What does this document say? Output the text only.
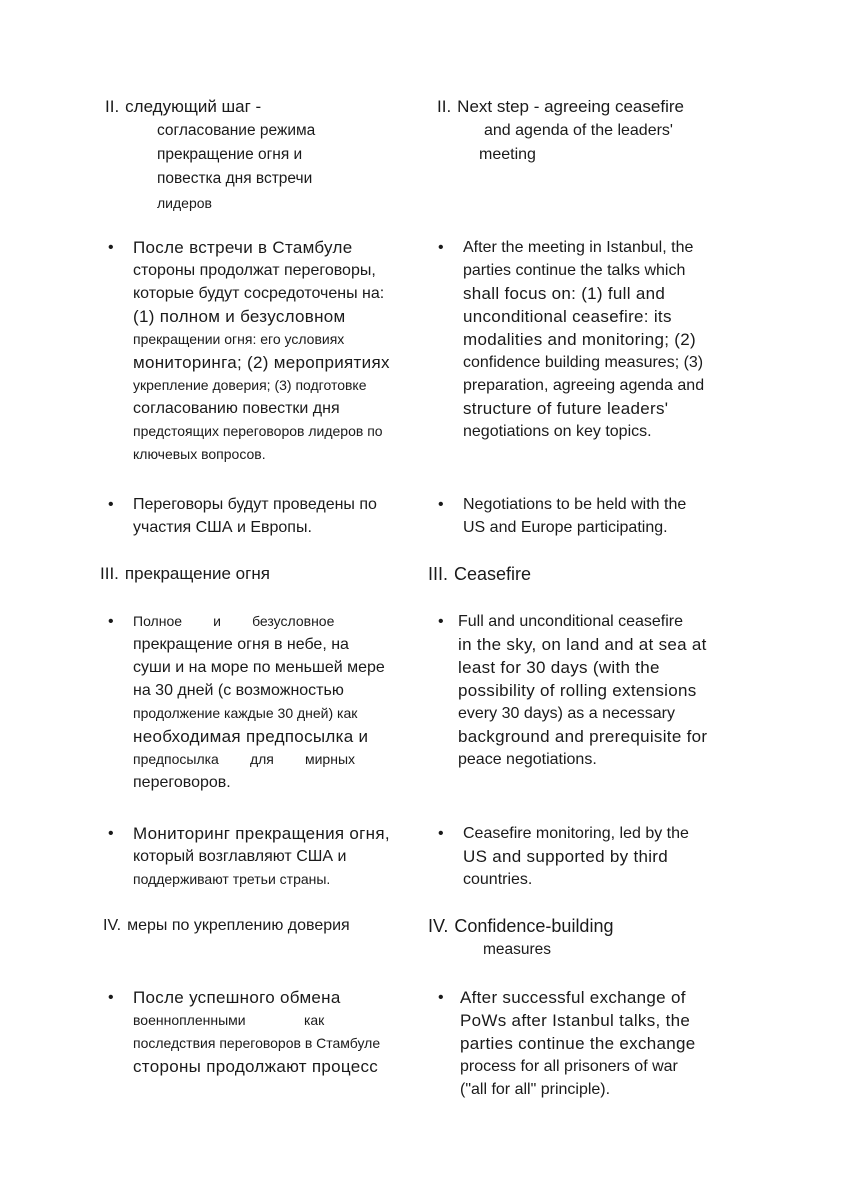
II. следующий шаг -
согласование режима
прекращение огня и
повестка дня встречи
лидеров
II. Next step - agreeing ceasefire
and agenda of the leaders'
meeting
•	После встречи в Стамбуле
стороны продолжат переговоры,
которые будут сосредоточены на:
(1) полном и безусловном
прекращении огня: его условиях
мониторинга; (2) мероприятиях
укрепление доверия; (3) подготовке
согласованию повестки дня
предстоящих переговоров лидеров по
ключевых вопросов.
•	After the meeting in Istanbul, the
parties continue the talks which
shall focus on: (1) full and
unconditional ceasefire: its
modalities and monitoring; (2)
confidence building measures; (3)
preparation, agreeing agenda and
structure of future leaders'
negotiations on key topics.
•	Переговоры будут проведены по
участия США и Европы.
•	Negotiations to be held with the
US and Europe participating.
III. прекращение огня	III. Ceasefire
•	Полное        и        безусловное
прекращение огня в небе, на
суши и на море по меньшей мере
на 30 дней (с возможностью
продолжение каждые 30 дней) как
необходимая предпосылка и
предпосылка        для        мирных
переговоров.
• Full and unconditional ceasefire
in the sky, on land and at sea at
least for 30 days (with the
possibility of rolling extensions
every 30 days) as a necessary
background and prerequisite for
peace negotiations.
•	Мониторинг прекращения огня,
который возглавляют США и
поддерживают третьи страны.
•	Ceasefire monitoring, led by the
US and supported by third
countries.
IV. меры по укреплению доверия	IV. Confidence-building
measures
•	После успешного обмена
военнопленными               как
последствия переговоров в Стамбуле
стороны продолжают процесс
• After successful exchange of
PoWs after Istanbul talks, the
parties continue the exchange
process for all prisoners of war
("all for all" principle).
